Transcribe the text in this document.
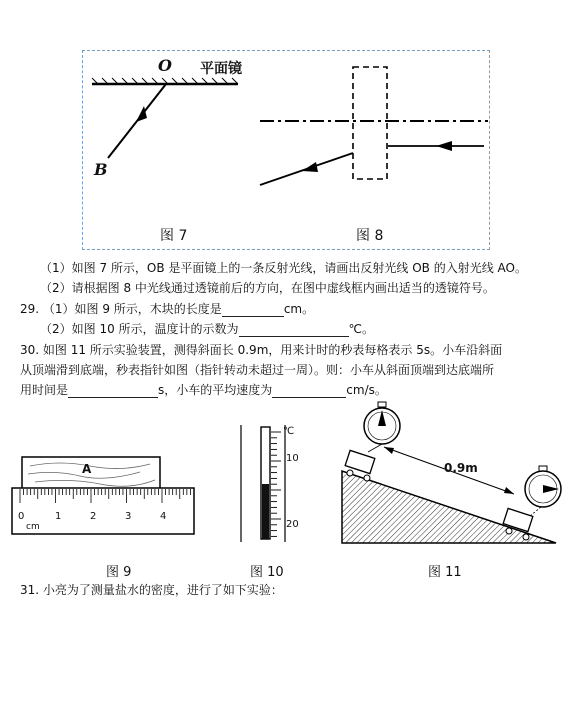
O 平面镜
B
图 7	图 8
（1）如图 7 所示，OB 是平面镜上的一条反射光线，请画出反射光线 OB 的入射光线 AO。
（2）请根据图 8 中光线通过透镜前后的方向，在图中虚线框内画出适当的透镜符号。
29. （1）如图 9 所示，木块的长度是	cm。
（2）如图 10 所示，温度计的示数为	℃。
30. 如图 11 所示实验装置，测得斜面长 0.9m，用来计时的秒表每格表示 5s。小车沿斜面
从顶端滑到底端，秒表指针如图（指针转动未超过一周）。则：小车从斜面顶端到达底端所
用时间是	s，小车的平均速度为	cm/s。
A
0	1	2	3	4
cm
图 9
℃
10
20
图 10
0.9m
图 11
31. 小亮为了测量盐水的密度，进行了如下实验：
